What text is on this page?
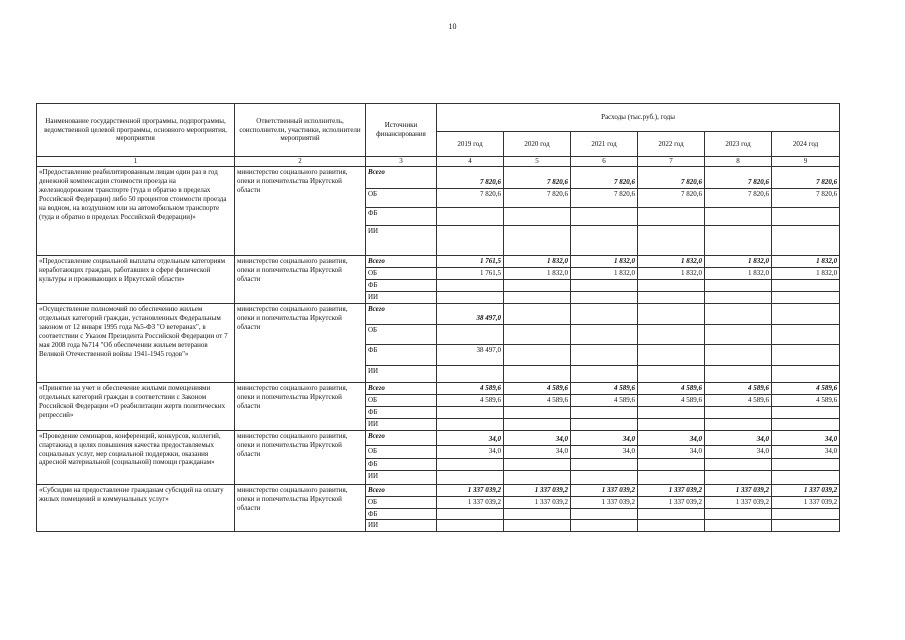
10
Наименование государственной программы, подпрограммы, ведомственной целевой программы, основного мероприятия, мероприятия	Ответственный исполнитель, соисполнители, участники, исполнители мероприятий	Источники финансирования	Расходы (тыс.руб.), годы					
			2019 год	2020 год	2021 год	2022 год	2023 год	2024 год
1	2	3	4	5	6	7	8	9
«Предоставление реабилитированным лицам один раз в год денежной компенсации стоимости проезда на железнодорожном транспорте (туда и обратно в пределах Российской Федерации) либо 50 процентов стоимости проезда на водном, на воздушном или на автомобильном транспорте (туда и обратно в пределах Российской Федерации)»	министерство социального развития, опеки и попечительства Иркутской области	Всего	7 820,6	7 820,6	7 820,6	7 820,6	7 820,6	7 820,6
		ОБ	7 820,6	7 820,6	7 820,6	7 820,6	7 820,6	7 820,6
		ФБ						
		ИИ						
«Предоставление социальной выплаты отдельным категориям неработающих граждан, работавших в сфере физической культуры и проживающих в Иркутской области»	министерство социального развития, опеки и попечительства Иркутской области	Всего	1 761,5	1 832,0	1 832,0	1 832,0	1 832,0	1 832,0
		ОБ	1 761,5	1 832,0	1 832,0	1 832,0	1 832,0	1 832,0
		ФБ						
		ИИ						
«Осуществление полномочий по обеспечению жильем отдельных категорий граждан, установленных Федеральным законом от 12 января 1995 года №5-ФЗ "О ветеранах", в соответствии с Указом Президента Российской Федерации от 7 мая 2008 года №714 "Об обеспечении жильем ветеранов Великой Отечественной войны 1941-1945 годов"»	министерство социального развития, опеки и попечительства Иркутской области	Всего	38 497,0					
		ОБ						
		ФБ	38 497,0					
		ИИ						
«Принятие на учет и обеспечение жилыми помещениями отдельных категорий граждан в соответствии с Законом Российской Федерации «О реабилитации жертв политических репрессий»	министерство социального развития, опеки и попечительства Иркутской области	Всего	4 589,6	4 589,6	4 589,6	4 589,6	4 589,6	4 589,6
		ОБ	4 589,6	4 589,6	4 589,6	4 589,6	4 589,6	4 589,6
		ФБ						
		ИИ						
«Проведение семинаров, конференций, конкурсов, коллегий, спартакиад в целях повышения качества предоставляемых социальных услуг, мер социальной поддержки, оказания адресной материальной (социальной) помощи гражданам»	министерство социального развития, опеки и попечительства Иркутской области	Всего	34,0	34,0	34,0	34,0	34,0	34,0
		ОБ	34,0	34,0	34,0	34,0	34,0	34,0
		ФБ						
		ИИ						
«Субсидии на предоставление гражданам субсидий на оплату жилых помещений и коммунальных услуг»	министерство социального развития, опеки и попечительства Иркутской области	Всего	1 337 039,2	1 337 039,2	1 337 039,2	1 337 039,2	1 337 039,2	1 337 039,2
		ОБ	1 337 039,2	1 337 039,2	1 337 039,2	1 337 039,2	1 337 039,2	1 337 039,2
		ФБ						
		ИИ						
